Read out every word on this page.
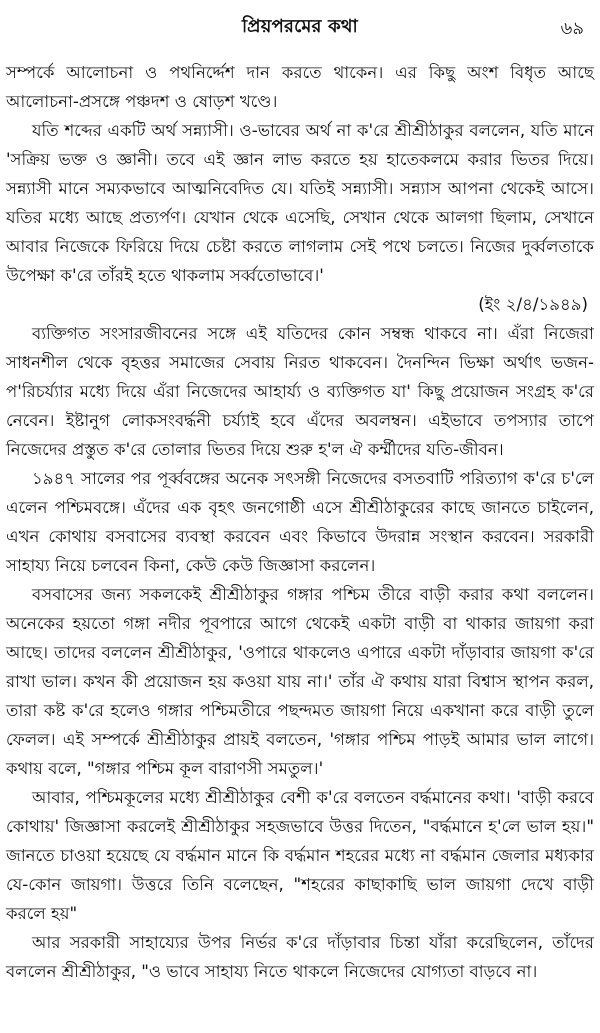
প্রিয়পরমের কথা	৬৯

সম্পর্কে আলোচনা ও পথনির্দ্দেশ দান করতে থাকেন। এর কিছু অংশ বিধৃত আছে আলোচনা-প্রসঙ্গে পঞ্চদশ ও ষোড়শ খণ্ডে।

যতি শব্দের একটি অর্থ সন্ন্যাসী। ও-ভাবের অর্থ না ক'রে শ্রীশ্রীঠাকুর বললেন, যতি মানে 'সক্রিয় ভক্ত ও জ্ঞানী। তবে এই জ্ঞান লাভ করতে হয় হাতেকলমে করার ভিতর দিয়ে। সন্ন্যাসী মানে সম্যকভাবে আত্মনিবেদিত যে। যতিই সন্ন্যাসী। সন্ন্যাস আপনা থেকেই আসে। যতির মধ্যে আছে প্রত্যর্পণ। যেখান থেকে এসেছি, সেখান থেকে আলগা ছিলাম, সেখানে আবার নিজেকে ফিরিয়ে দিয়ে চেষ্টা করতে লাগলাম সেই পথে চলতে। নিজের দুর্ব্বলতাকে উপেক্ষা ক'রে তাঁরই হতে থাকলাম সর্ব্বতোভাবে।'

(ইং ২/৪/১৯৪৯)

ব্যক্তিগত সংসারজীবনের সঙ্গে এই যতিদের কোন সম্বন্ধ থাকবে না। এঁরা নিজেরা সাধনশীল থেকে বৃহত্তর সমাজের সেবায় নিরত থাকবেন। দৈনন্দিন ভিক্ষা অর্থাৎ ভজন-প'রিচর্য্যার মধ্যে দিয়ে এঁরা নিজেদের আহার্য্য ও ব্যক্তিগত যা' কিছু প্রয়োজন সংগ্রহ ক'রে নেবেন। ইষ্টানুগ লোকসংবর্দ্ধনী চর্য্যাই হবে এঁদের অবলম্বন। এইভাবে তপস্যার তাপে নিজেদের প্রস্তুত ক'রে তোলার ভিতর দিয়ে শুরু হ'ল ঐ কর্ম্মীদের যতি-জীবন।

১৯৪৭ সালের পর পূর্ব্ববঙ্গের অনেক সৎসঙ্গী নিজেদের বসতবাটি পরিত্যাগ ক'রে চ'লে এলেন পশ্চিমবঙ্গে। এঁদের এক বৃহৎ জনগোষ্ঠী এসে শ্রীশ্রীঠাকুরের কাছে জানতে চাইলেন, এখন কোথায় বসবাসের ব্যবস্থা করবেন এবং কিভাবে উদরান্ন সংস্থান করবেন। সরকারী সাহায্য নিয়ে চলবেন কিনা, কেউ কেউ জিজ্ঞাসা করলেন।

বসবাসের জন্য সকলকেই শ্রীশ্রীঠাকুর গঙ্গার পশ্চিম তীরে বাড়ী করার কথা বললেন। অনেকের হয়তো গঙ্গা নদীর পূবপারে আগে থেকেই একটা বাড়ী বা থাকার জায়গা করা আছে। তাদের বললেন শ্রীশ্রীঠাকুর, 'ওপারে থাকলেও এপারে একটা দাঁড়াবার জায়গা ক'রে রাখা ভাল। কখন কী প্রয়োজন হয় কওয়া যায় না।' তাঁর ঐ কথায় যারা বিশ্বাস স্থাপন করল, তারা কষ্ট ক'রে হলেও গঙ্গার পশ্চিমতীরে পছন্দমত জায়গা নিয়ে একখানা করে বাড়ী তুলে ফেলল। এই সম্পর্কে শ্রীশ্রীঠাকুর প্রায়ই বলতেন, 'গঙ্গার পশ্চিম পাড়ই আমার ভাল লাগে। কথায় বলে, "গঙ্গার পশ্চিম কূল বারাণসী সমতুল।'

আবার, পশ্চিমকূলের মধ্যে শ্রীশ্রীঠাকুর বেশী ক'রে বলতেন বর্দ্ধমানের কথা। 'বাড়ী করবে কোথায়' জিজ্ঞাসা করলেই শ্রীশ্রীঠাকুর সহজভাবে উত্তর দিতেন, "বর্দ্ধমানে হ'লে ভাল হয়।" জানতে চাওয়া হয়েছে যে বর্দ্ধমান মানে কি বর্দ্ধমান শহরের মধ্যে না বর্দ্ধমান জেলার মধ্যকার যে-কোন জায়গা। উত্তরে তিনি বলেছেন, "শহরের কাছাকাছি ভাল জায়গা দেখে বাড়ী করলে হয়"

আর সরকারী সাহায্যের উপর নির্ভর ক'রে দাঁড়াবার চিন্তা যাঁরা করেছিলেন, তাঁদের বললেন শ্রীশ্রীঠাকুর, "ও ভাবে সাহায্য নিতে থাকলে নিজেদের যোগ্যতা বাড়বে না।
